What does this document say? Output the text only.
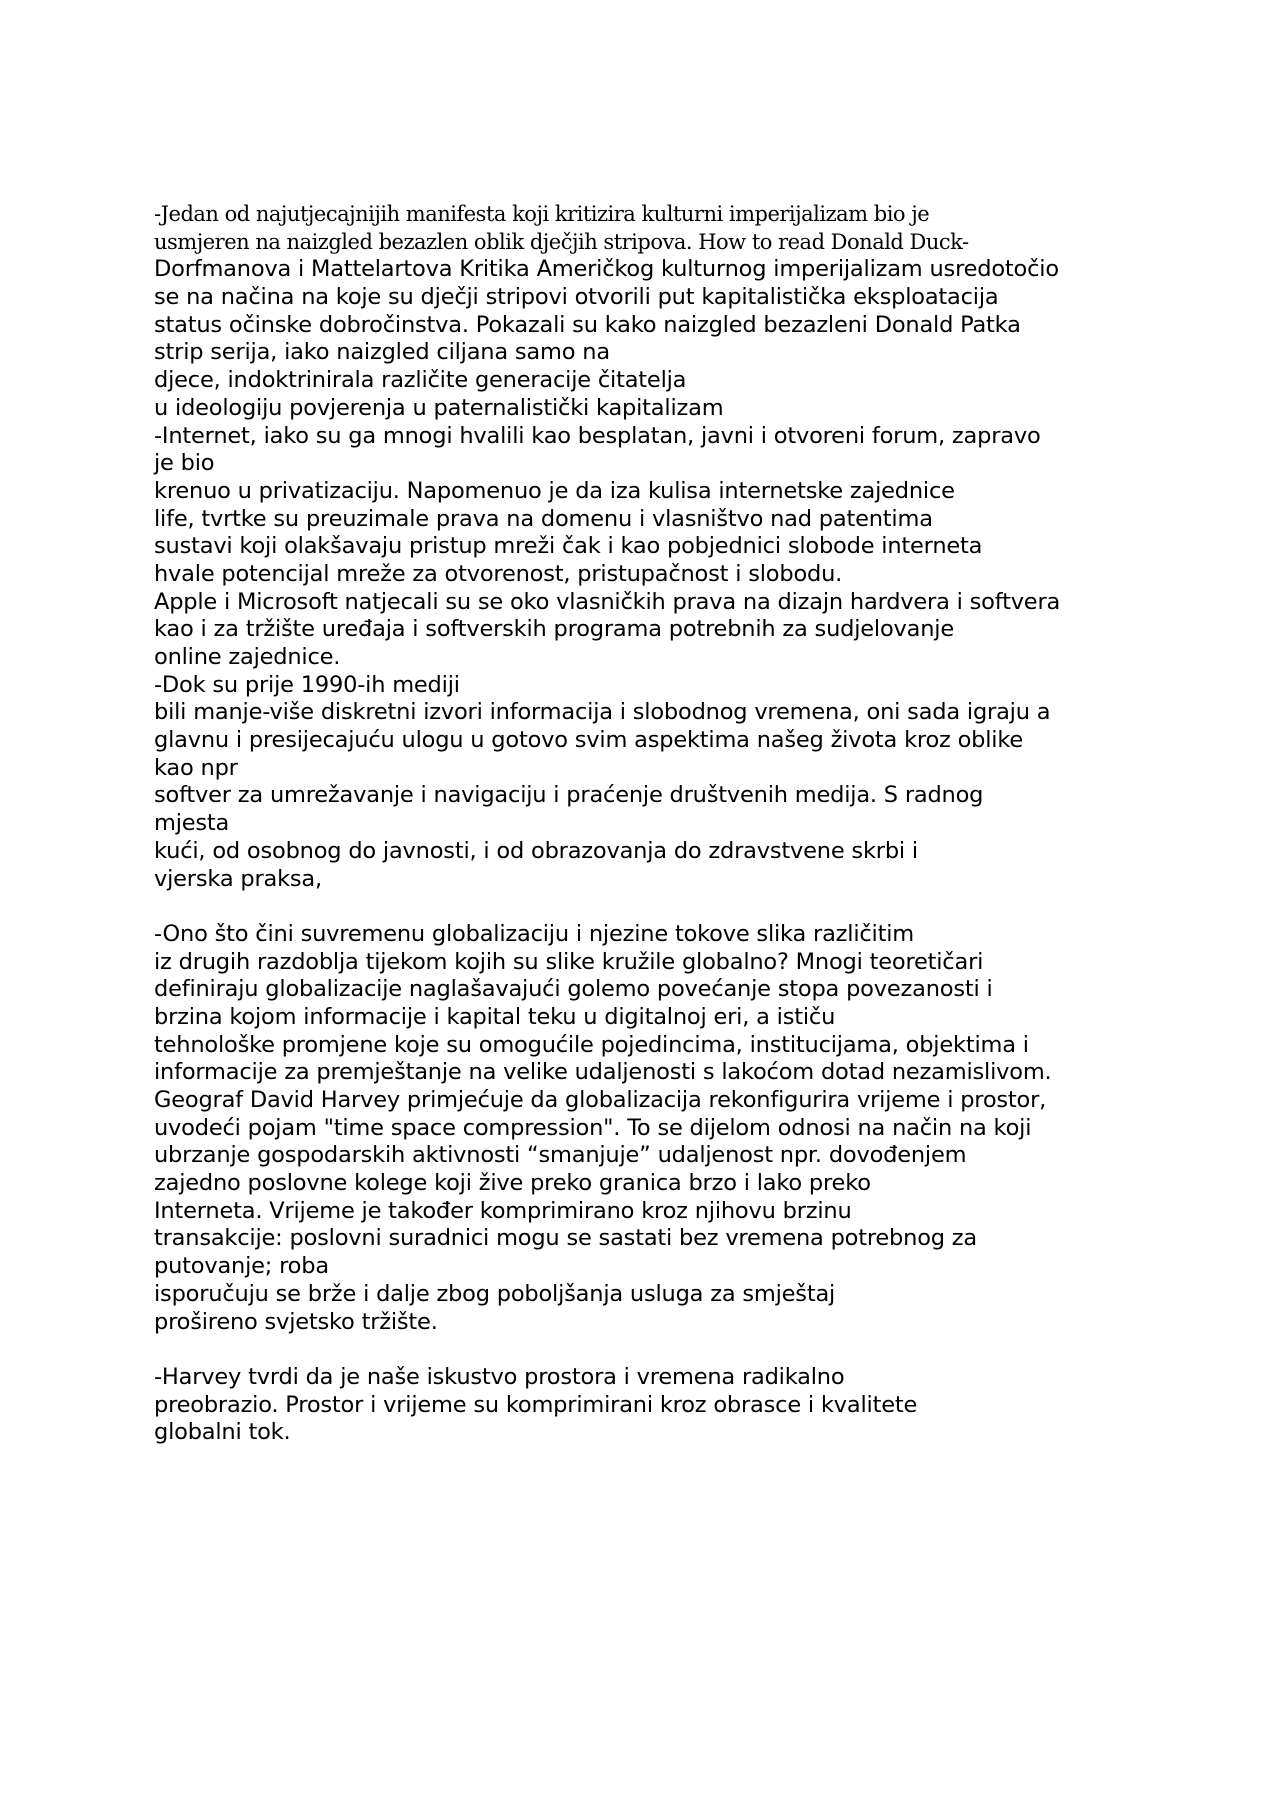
-Jedan od najutjecajnijih manifesta koji kritizira kulturni imperijalizam bio je
usmjeren na naizgled bezazlen oblik dječjih stripova. How to read Donald Duck-
Dorfmanova i Mattelartova Kritika Američkog kulturnog imperijalizam usredotočio
se na načina na koje su dječji stripovi otvorili put kapitalistička eksploatacija
status očinske dobročinstva. Pokazali su kako naizgled bezazleni Donald Patka
strip serija, iako naizgled ciljana samo na
djece, indoktrinirala različite generacije čitatelja
u ideologiju povjerenja u paternalistički kapitalizam
-Internet, iako su ga mnogi hvalili kao besplatan, javni i otvoreni forum, zapravo
je bio
krenuo u privatizaciju. Napomenuo je da iza kulisa internetske zajednice
life, tvrtke su preuzimale prava na domenu i vlasništvo nad patentima
sustavi koji olakšavaju pristup mreži čak i kao pobjednici slobode interneta
hvale potencijal mreže za otvorenost, pristupačnost i slobodu.
Apple i Microsoft natjecali su se oko vlasničkih prava na dizajn hardvera i softvera
kao i za tržište uređaja i softverskih programa potrebnih za sudjelovanje
online zajednice.
-Dok su prije 1990-ih mediji
bili manje-više diskretni izvori informacija i slobodnog vremena, oni sada igraju a
glavnu i presijecajuću ulogu u gotovo svim aspektima našeg života kroz oblike
kao npr
softver za umrežavanje i navigaciju i praćenje društvenih medija. S radnog
mjesta
kući, od osobnog do javnosti, i od obrazovanja do zdravstvene skrbi i
vjerska praksa,
-Ono što čini suvremenu globalizaciju i njezine tokove slika različitim
iz drugih razdoblja tijekom kojih su slike kružile globalno? Mnogi teoretičari
definiraju globalizacije naglašavajući golemo povećanje stopa povezanosti i
brzina kojom informacije i kapital teku u digitalnoj eri, a ističu
tehnološke promjene koje su omogućile pojedincima, institucijama, objektima i
informacije za premještanje na velike udaljenosti s lakoćom dotad nezamislivom.
Geograf David Harvey primjećuje da globalizacija rekonfigurira vrijeme i prostor,
uvodeći pojam "time space compression". To se dijelom odnosi na način na koji
ubrzanje gospodarskih aktivnosti “smanjuje” udaljenost npr. dovođenjem
zajedno poslovne kolege koji žive preko granica brzo i lako preko
Interneta. Vrijeme je također komprimirano kroz njihovu brzinu
transakcije: poslovni suradnici mogu se sastati bez vremena potrebnog za
putovanje; roba
isporučuju se brže i dalje zbog poboljšanja usluga za smještaj
prošireno svjetsko tržište.
-Harvey tvrdi da je naše iskustvo prostora i vremena radikalno
preobrazio. Prostor i vrijeme su komprimirani kroz obrasce i kvalitete
globalni tok.
